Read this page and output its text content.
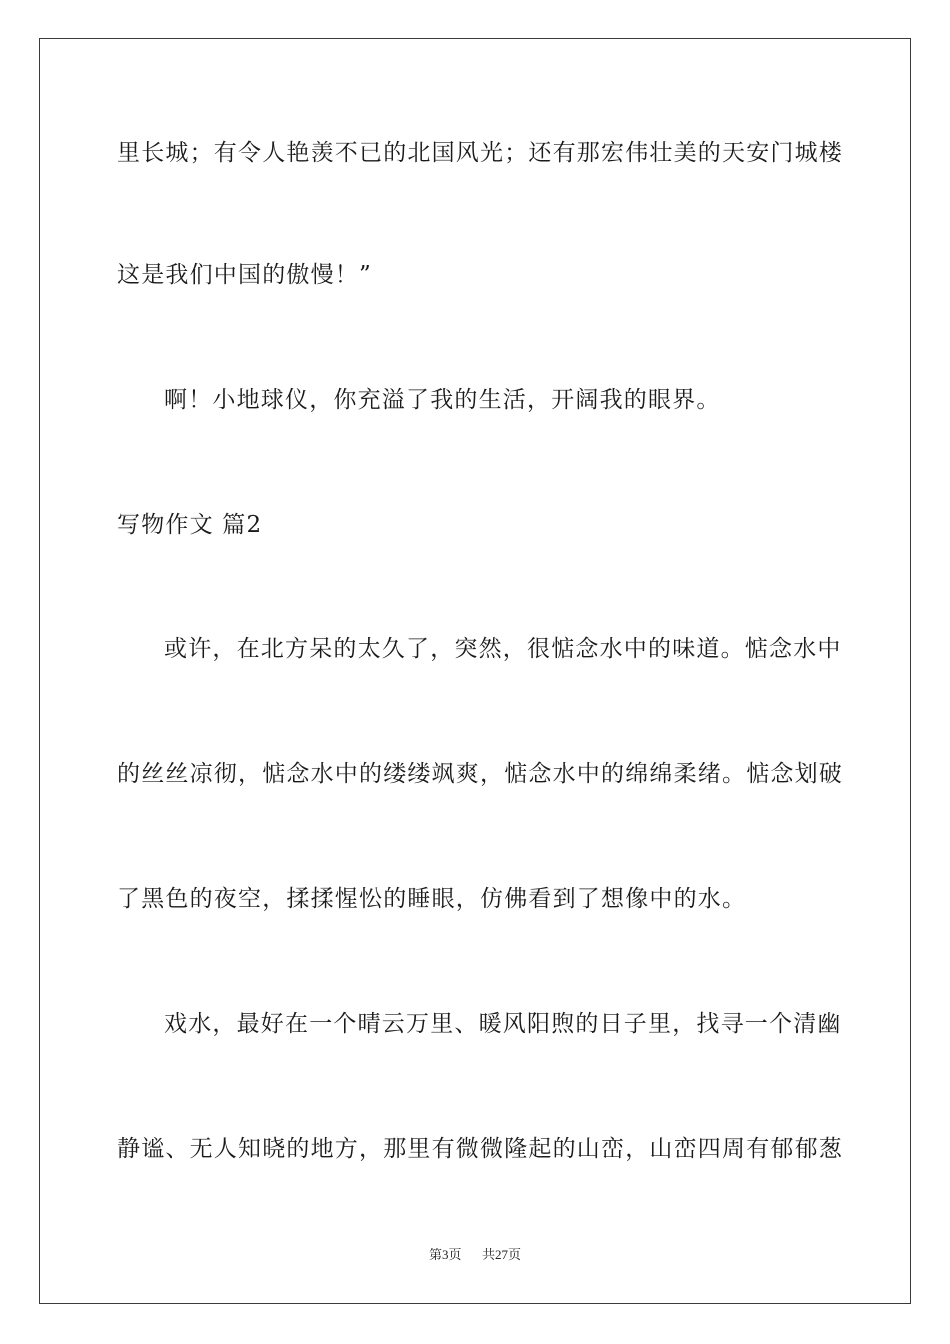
里长城；有令人艳羡不已的北国风光；还有那宏伟壮美的天安门城楼
这是我们中国的傲慢！”
啊！小地球仪，你充溢了我的生活，开阔我的眼界。
写物作文 篇2
或许，在北方呆的太久了，突然，很惦念水中的味道。惦念水中
的丝丝凉彻，惦念水中的缕缕飒爽，惦念水中的绵绵柔绪。惦念划破
了黑色的夜空，揉揉惺忪的睡眼，仿佛看到了想像中的水。
戏水，最好在一个晴云万里、暖风阳煦的日子里，找寻一个清幽
静谧、无人知晓的地方，那里有微微隆起的山峦，山峦四周有郁郁葱
第3页 共27页
